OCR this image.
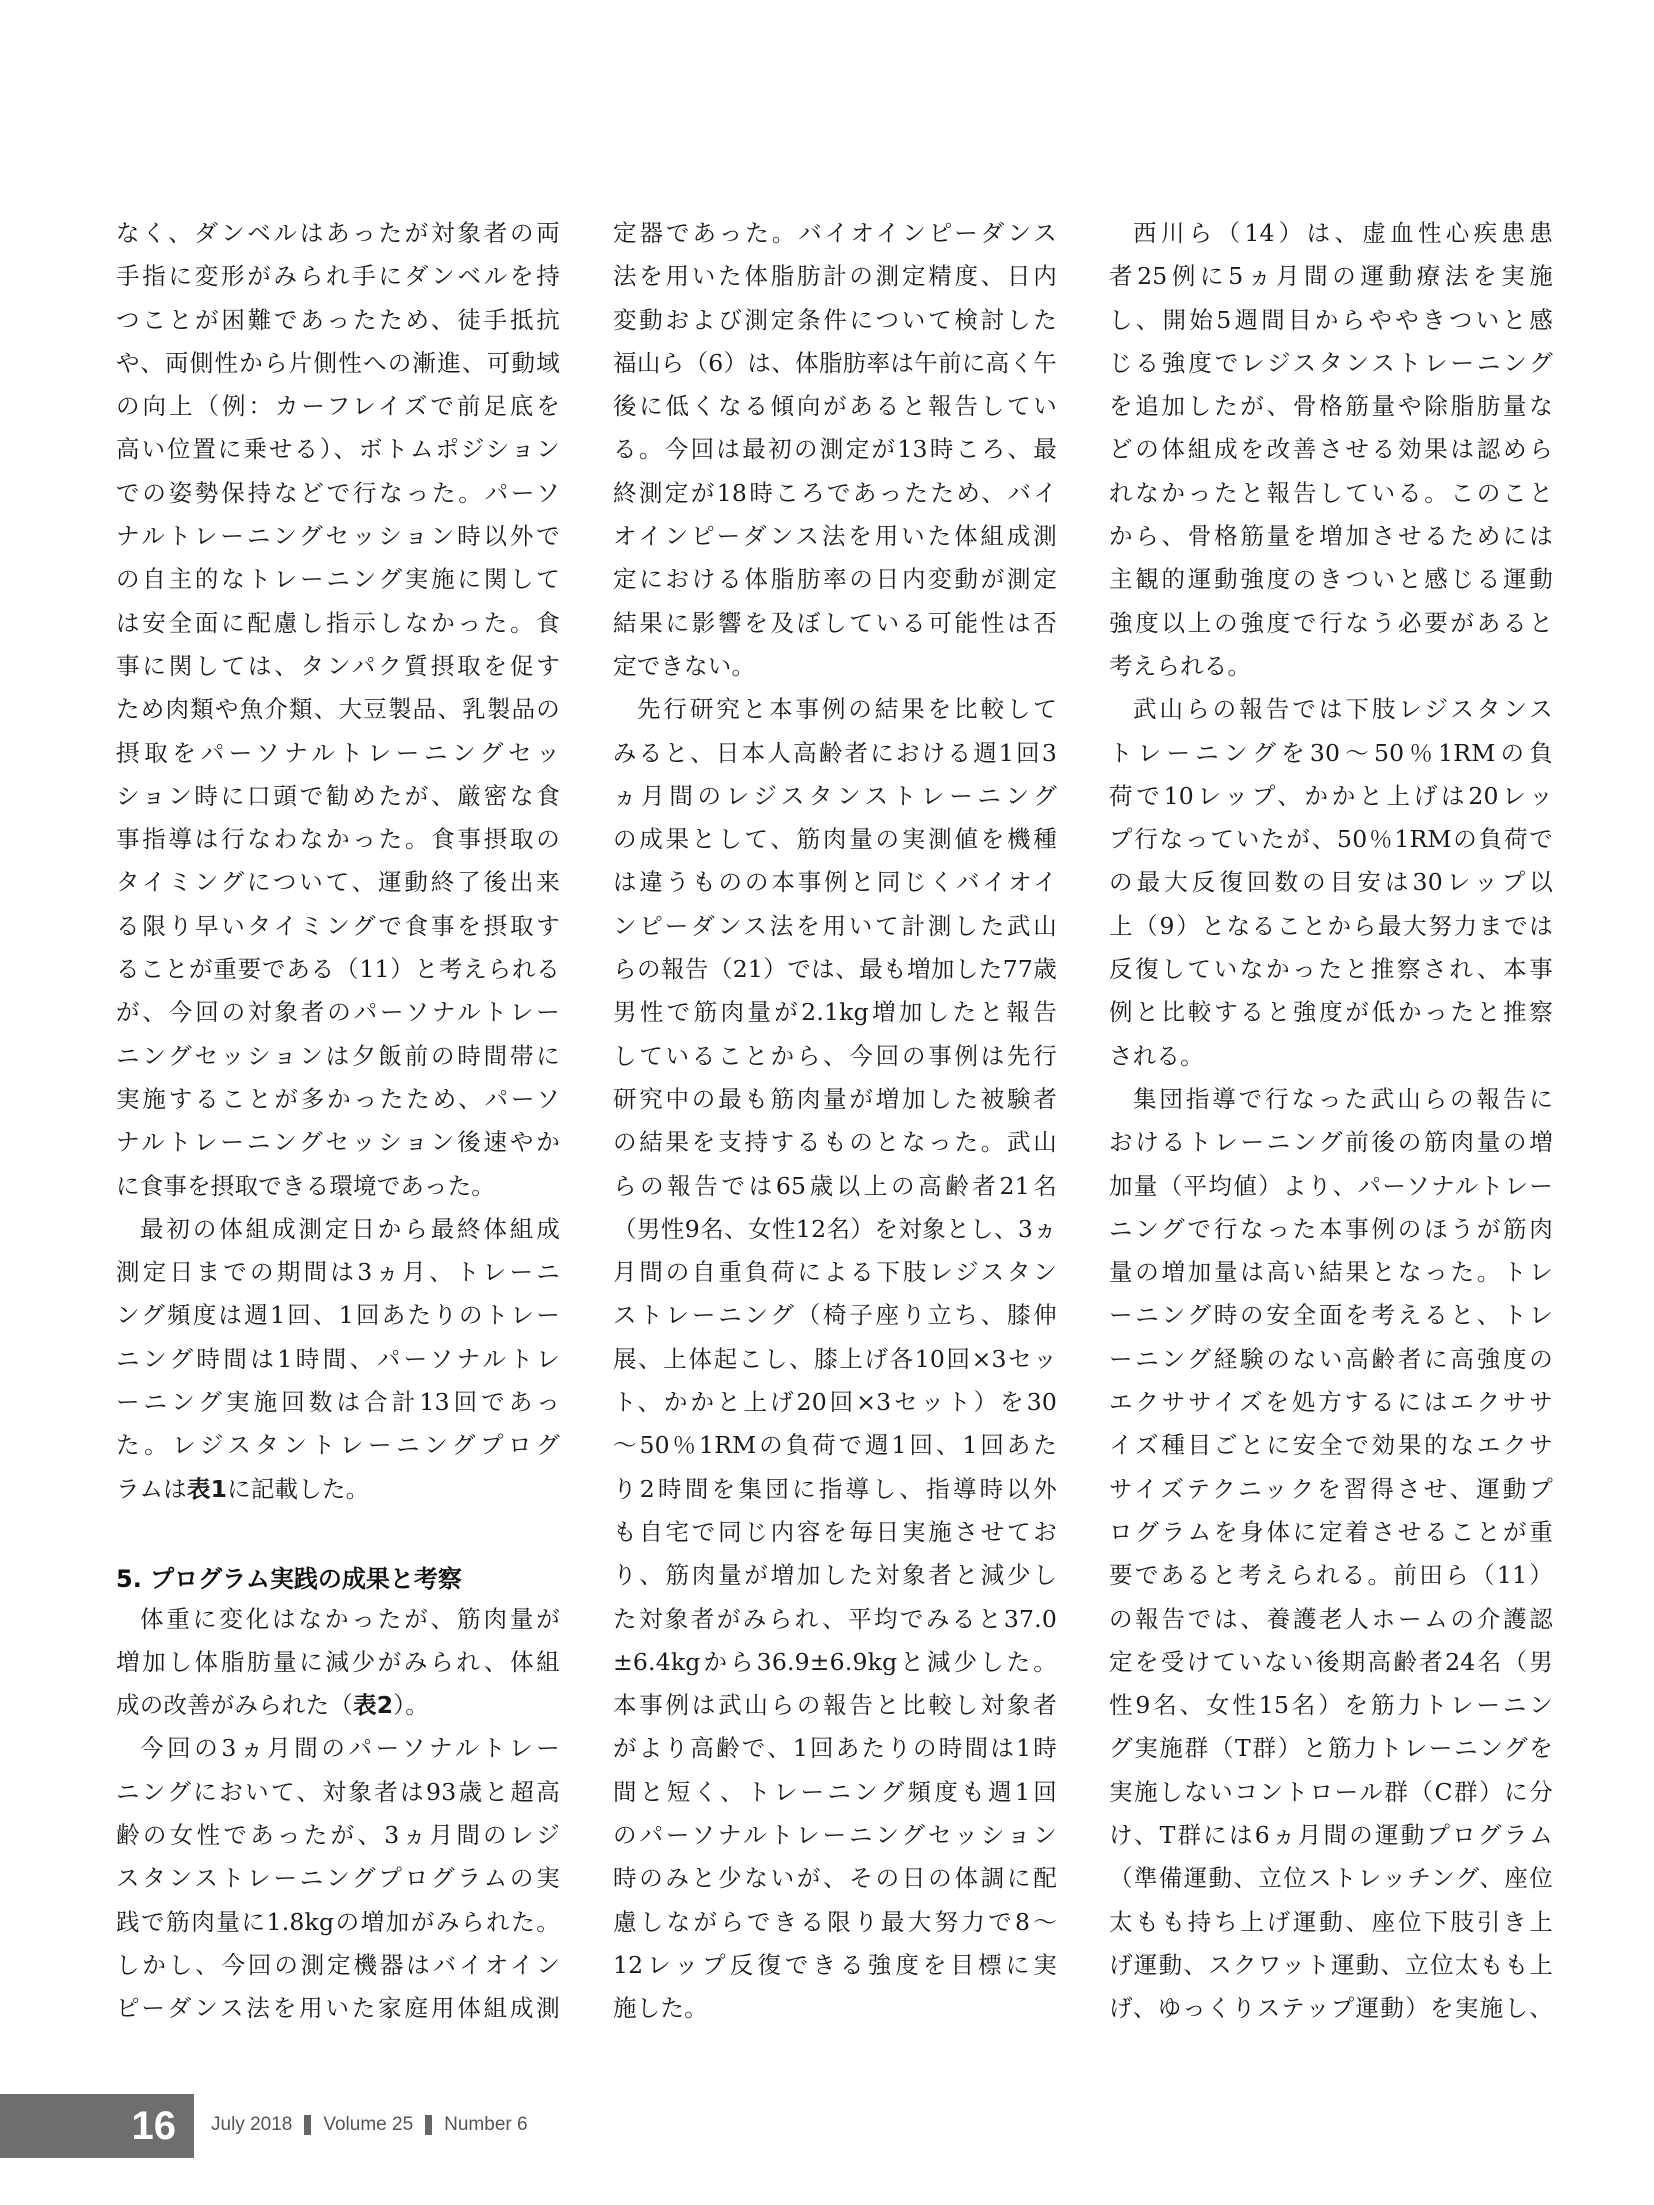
なく、ダンベルはあったが対象者の両
手指に変形がみられ手にダンベルを持
つことが困難であったため、徒手抵抗
や、両側性から片側性への漸進、可動域
の向上（例：カーフレイズで前足底を
高い位置に乗せる）、ボトムポジション
での姿勢保持などで行なった。パーソ
ナルトレーニングセッション時以外で
の自主的なトレーニング実施に関して
は安全面に配慮し指示しなかった。食
事に関しては、タンパク質摂取を促す
ため肉類や魚介類、大豆製品、乳製品の
摂取をパーソナルトレーニングセッ
ション時に口頭で勧めたが、厳密な食
事指導は行なわなかった。食事摂取の
タイミングについて、運動終了後出来
る限り早いタイミングで食事を摂取す
ることが重要である（11）と考えられる
が、今回の対象者のパーソナルトレー
ニングセッションは夕飯前の時間帯に
実施することが多かったため、パーソ
ナルトレーニングセッション後速やか
に食事を摂取できる環境であった。
最初の体組成測定日から最終体組成
測定日までの期間は3ヵ月、トレーニ
ング頻度は週1回、1回あたりのトレー
ニング時間は1時間、パーソナルトレ
ーニング実施回数は合計13回であっ
た。レジスタントレーニングプログ
ラムは表1に記載した。
5. プログラム実践の成果と考察
体重に変化はなかったが、筋肉量が
増加し体脂肪量に減少がみられ、体組
成の改善がみられた（表2）。
今回の3ヵ月間のパーソナルトレー
ニングにおいて、対象者は93歳と超高
齢の女性であったが、3ヵ月間のレジ
スタンストレーニングプログラムの実
践で筋肉量に1.8kgの増加がみられた。
しかし、今回の測定機器はバイオイン
ピーダンス法を用いた家庭用体組成測
定器であった。バイオインピーダンス
法を用いた体脂肪計の測定精度、日内
変動および測定条件について検討した
福山ら（6）は、体脂肪率は午前に高く午
後に低くなる傾向があると報告してい
る。今回は最初の測定が13時ころ、最
終測定が18時ころであったため、バイ
オインピーダンス法を用いた体組成測
定における体脂肪率の日内変動が測定
結果に影響を及ぼしている可能性は否
定できない。
先行研究と本事例の結果を比較して
みると、日本人高齢者における週1回3
ヵ月間のレジスタンストレーニング
の成果として、筋肉量の実測値を機種
は違うものの本事例と同じくバイオイ
ンピーダンス法を用いて計測した武山
らの報告（21）では、最も増加した77歳
男性で筋肉量が2.1kg増加したと報告
していることから、今回の事例は先行
研究中の最も筋肉量が増加した被験者
の結果を支持するものとなった。武山
らの報告では65歳以上の高齢者21名
（男性9名、女性12名）を対象とし、3ヵ
月間の自重負荷による下肢レジスタン
ストレーニング（椅子座り立ち、膝伸
展、上体起こし、膝上げ各10回×3セッ
ト、かかと上げ20回×3セット）を30
～50％1RMの負荷で週1回、1回あた
り2時間を集団に指導し、指導時以外
も自宅で同じ内容を毎日実施させてお
り、筋肉量が増加した対象者と減少し
た対象者がみられ、平均でみると37.0
±6.4kgから36.9±6.9kgと減少した。
本事例は武山らの報告と比較し対象者
がより高齢で、1回あたりの時間は1時
間と短く、トレーニング頻度も週1回
のパーソナルトレーニングセッション
時のみと少ないが、その日の体調に配
慮しながらできる限り最大努力で8～
12レップ反復できる強度を目標に実
施した。
西川ら（14）は、虚血性心疾患患
者25例に5ヵ月間の運動療法を実施
し、開始5週間目からややきついと感
じる強度でレジスタンストレーニング
を追加したが、骨格筋量や除脂肪量な
どの体組成を改善させる効果は認めら
れなかったと報告している。このこと
から、骨格筋量を増加させるためには
主観的運動強度のきついと感じる運動
強度以上の強度で行なう必要があると
考えられる。
武山らの報告では下肢レジスタンス
トレーニングを30～50％1RMの負
荷で10レップ、かかと上げは20レッ
プ行なっていたが、50％1RMの負荷で
の最大反復回数の目安は30レップ以
上（9）となることから最大努力までは
反復していなかったと推察され、本事
例と比較すると強度が低かったと推察
される。
集団指導で行なった武山らの報告に
おけるトレーニング前後の筋肉量の増
加量（平均値）より、パーソナルトレー
ニングで行なった本事例のほうが筋肉
量の増加量は高い結果となった。トレ
ーニング時の安全面を考えると、トレ
ーニング経験のない高齢者に高強度の
エクササイズを処方するにはエクササ
イズ種目ごとに安全で効果的なエクサ
サイズテクニックを習得させ、運動プ
ログラムを身体に定着させることが重
要であると考えられる。前田ら（11）
の報告では、養護老人ホームの介護認
定を受けていない後期高齢者24名（男
性9名、女性15名）を筋力トレーニン
グ実施群（T群）と筋力トレーニングを
実施しないコントロール群（C群）に分
け、T群には6ヵ月間の運動プログラム
（準備運動、立位ストレッチング、座位
太もも持ち上げ運動、座位下肢引き上
げ運動、スクワット運動、立位太もも上
げ、ゆっくりステップ運動）を実施し、
16 July 2018 Volume 25 Number 6
